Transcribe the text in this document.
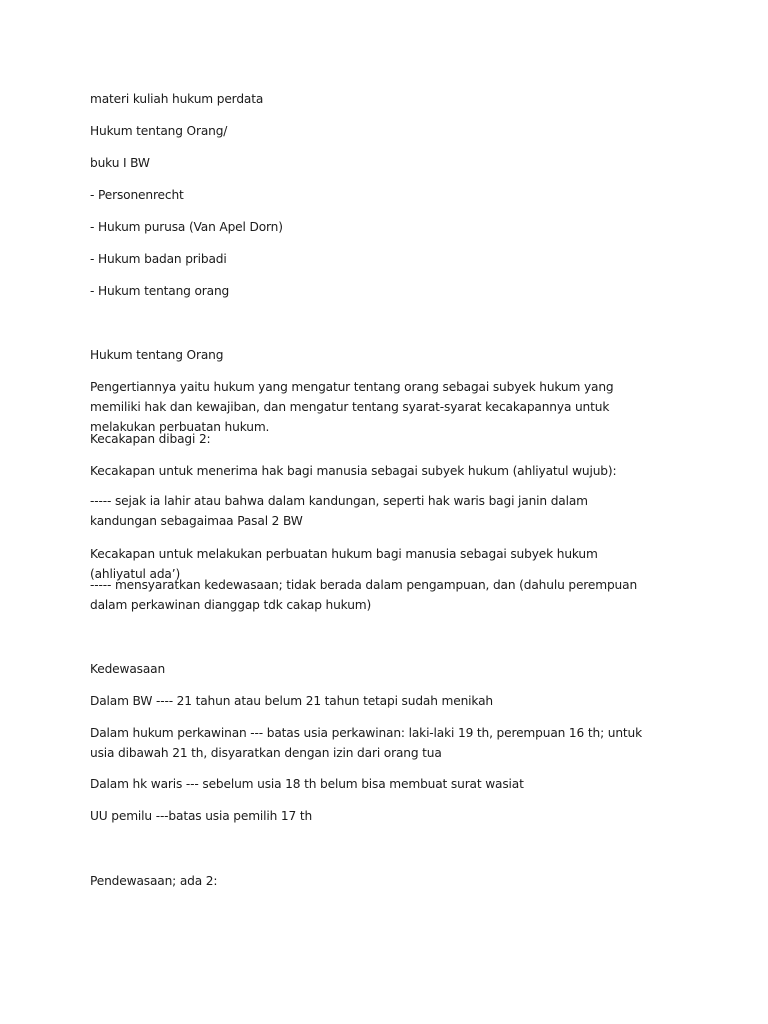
materi kuliah hukum perdata

Hukum tentang Orang/

buku I BW

- Personenrecht

- Hukum purusa (Van Apel Dorn)

- Hukum badan pribadi

- Hukum tentang orang

Hukum tentang Orang

Pengertiannya yaitu hukum yang mengatur tentang orang sebagai subyek hukum yang memiliki hak dan kewajiban, dan mengatur tentang syarat-syarat kecakapannya untuk melakukan perbuatan hukum.

Kecakapan dibagi 2:

Kecakapan untuk menerima hak bagi manusia sebagai subyek hukum (ahliyatul wujub):

----- sejak ia lahir atau bahwa dalam kandungan, seperti hak waris bagi janin dalam kandungan sebagaimaa Pasal 2 BW

Kecakapan untuk melakukan perbuatan hukum bagi manusia sebagai subyek hukum (ahliyatul ada’)

----- mensyaratkan kedewasaan; tidak berada dalam pengampuan, dan (dahulu perempuan dalam perkawinan dianggap tdk cakap hukum)

Kedewasaan

Dalam BW ---- 21 tahun atau belum 21 tahun tetapi sudah menikah

Dalam hukum perkawinan --- batas usia perkawinan: laki-laki 19 th, perempuan 16 th; untuk usia dibawah 21 th, disyaratkan dengan izin dari orang tua

Dalam hk waris --- sebelum usia 18 th belum bisa membuat surat wasiat

UU pemilu ---batas usia pemilih 17 th

Pendewasaan; ada 2:
